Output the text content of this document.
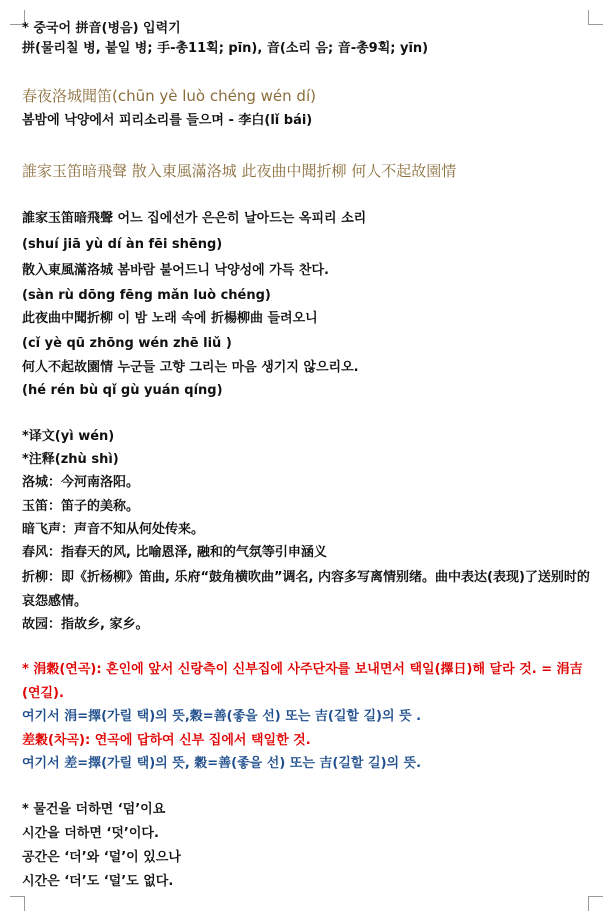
* 중국어 拼音(병음) 입력기
拼(물리칠 병, 붙일 병; 手-총11획; pīn), 音(소리 음; 音-총9획; yīn)
春夜洛城聞笛(chūn yè luò chéng wén dí)
봄밤에 낙양에서 피리소리를 들으며 - 李白(lǐ bái)
誰家玉笛暗飛聲 散入東風滿洛城 此夜曲中聞折柳 何人不起故園情
誰家玉笛暗飛聲 어느 집에선가 은은히 날아드는 옥피리 소리
(shuí jiā yù dí àn fēi shēng)
散入東風滿洛城 봄바람 불어드니 낙양성에 가득 찬다.
(sàn rù dōng fēng mǎn luò chéng)
此夜曲中聞折柳 이 밤 노래 속에 折楊柳曲 들려오니
(cǐ yè qū zhōng wén zhē liǔ )
何人不起故園情 누군들 고향 그리는 마음 생기지 않으리오.
(hé rén bù qǐ gù yuán qíng)
*译文(yì wén)
*注释(zhù shì)
洛城：今河南洛阳。
玉笛：笛子的美称。
暗飞声：声音不知从何处传来。
春风：指春天的风, 比喻恩泽, 融和的气氛等引申涵义
折柳：即《折杨柳》笛曲, 乐府“鼓角横吹曲”调名, 内容多写离情别绪。曲中表达(表现)了送别时的哀怨感情。
故园：指故乡, 家乡。
* 涓穀(연곡): 혼인에 앞서 신랑측이 신부집에 사주단자를 보내면서 택일(擇日)해 달라 것. = 涓吉(연길).
여기서 涓=擇(가릴 택)의 뜻,穀=善(좋을 선) 또는 吉(길할 길)의 뜻 .
差穀(차곡): 연곡에 답하여 신부 집에서 택일한 것.
여기서 差=擇(가릴 택)의 뜻, 穀=善(좋을 선) 또는 吉(길할 길)의 뜻.
* 물건을 더하면 ‘덤’이요
시간을 더하면 ‘덧’이다.
공간은 ‘더’와 ‘덜’이 있으나
시간은 ‘더’도 ‘덜’도 없다.
